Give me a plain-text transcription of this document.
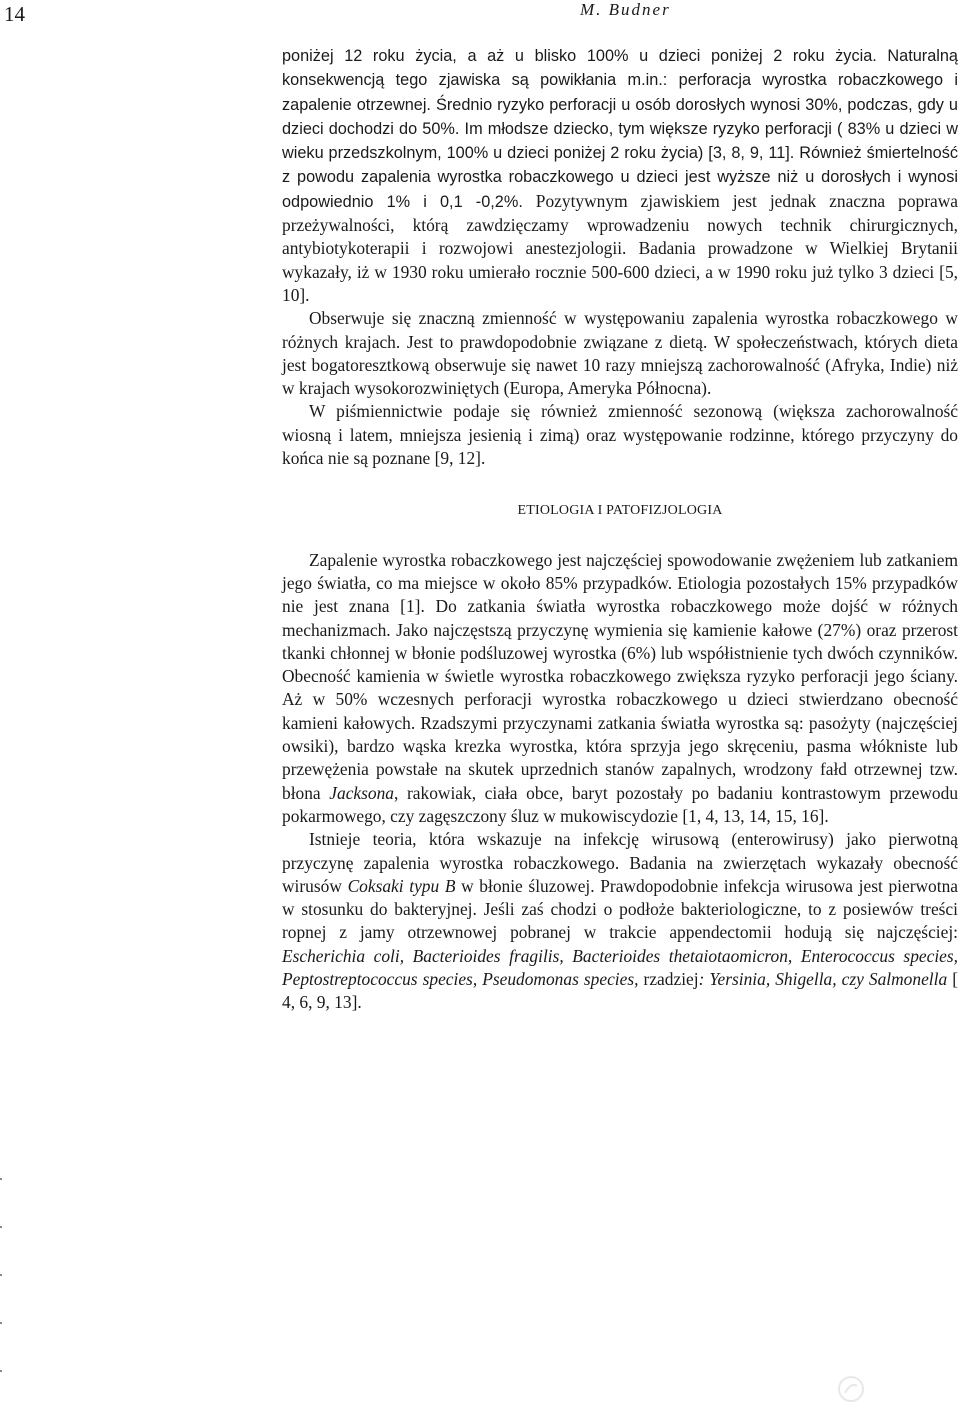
14	M. Budner

poniżej 12 roku życia, a aż u blisko 100% u dzieci poniżej 2 roku życia. Naturalną konsekwencją tego zjawiska są powikłania m.in.: perforacja wyrostka robaczkowego i zapalenie otrzewnej. Średnio ryzyko perforacji u osób dorosłych wynosi 30%, podczas, gdy u dzieci dochodzi do 50%. Im młodsze dziecko, tym większe ryzyko perforacji ( 83% u dzieci w wieku przedszkolnym, 100% u dzieci poniżej 2 roku życia) [3, 8, 9, 11]. Również śmiertelność z powodu zapalenia wyrostka robaczkowego u dzieci jest wyższe niż u dorosłych i wynosi odpowiednio 1% i 0,1 -0,2%. Pozytywnym zjawiskiem jest jednak znaczna poprawa przeżywalności, którą zawdzięczamy wprowadzeniu nowych technik chirurgicznych, antybiotykoterapii i rozwojowi anestezjologii. Badania prowadzone w Wielkiej Brytanii wykazały, iż w 1930 roku umierało rocznie 500-600 dzieci, a w 1990 roku już tylko 3 dzieci [5, 10].

Obserwuje się znaczną zmienność w występowaniu zapalenia wyrostka robaczkowego w różnych krajach. Jest to prawdopodobnie związane z dietą. W społeczeństwach, których dieta jest bogatoresztkową obserwuje się nawet 10 razy mniejszą zachorowalność (Afryka, Indie) niż w krajach wysokorozwiniętych (Europa, Ameryka Północna).

W piśmiennictwie podaje się również zmienność sezonową (większa zachorowalność wiosną i latem, mniejsza jesienią i zimą) oraz występowanie rodzinne, którego przyczyny do końca nie są poznane [9, 12].

ETIOLOGIA I PATOFIZJOLOGIA

Zapalenie wyrostka robaczkowego jest najczęściej spowodowanie zwężeniem lub zatkaniem jego światła, co ma miejsce w około 85% przypadków. Etiologia pozostałych 15% przypadków nie jest znana [1]. Do zatkania światła wyrostka robaczkowego może dojść w różnych mechanizmach. Jako najczęstszą przyczynę wymienia się kamienie kałowe (27%) oraz przerost tkanki chłonnej w błonie podśluzowej wyrostka (6%) lub współistnienie tych dwóch czynników. Obecność kamienia w świetle wyrostka robaczkowego zwiększa ryzyko perforacji jego ściany. Aż w 50% wczesnych perforacji wyrostka robaczkowego u dzieci stwierdzano obecność kamieni kałowych. Rzadszymi przyczynami zatkania światła wyrostka są: pasożyty (najczęściej owsiki), bardzo wąska krezka wyrostka, która sprzyja jego skręceniu, pasma włókniste lub przewężenia powstałe na skutek uprzednich stanów zapalnych, wrodzony fałd otrzewnej tzw. błona Jacksona, rakowiak, ciała obce, baryt pozostały po badaniu kontrastowym przewodu pokarmowego, czy zagęszczony śluz w mukowiscydozie [1, 4, 13, 14, 15, 16].

Istnieje teoria, która wskazuje na infekcję wirusową (enterowirusy) jako pierwotną przyczynę zapalenia wyrostka robaczkowego. Badania na zwierzętach wykazały obecność wirusów Coksaki typu B w błonie śluzowej. Prawdopodobnie infekcja wirusowa jest pierwotna w stosunku do bakteryjnej. Jeśli zaś chodzi o podłoże bakteriologiczne, to z posiewów treści ropnej z jamy otrzewnowej pobranej w trakcie appendectomii hodują się najczęściej: Escherichia coli, Bacterioides fragilis, Bacterioides thetaiotaomicron, Enterococcus species, Peptostreptococcus species, Pseudomonas species, rzadziej: Yersinia, Shigella, czy Salmonella [ 4, 6, 9, 13].
